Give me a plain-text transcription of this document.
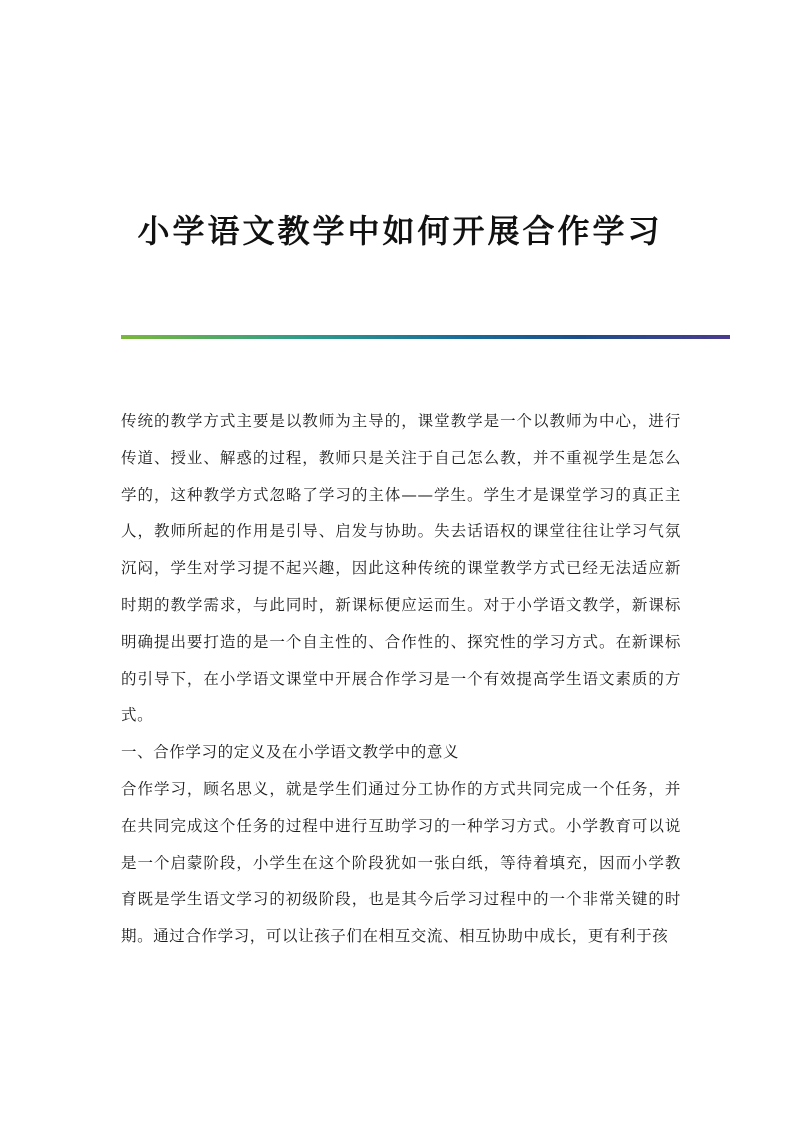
小学语文教学中如何开展合作学习

传统的教学方式主要是以教师为主导的，课堂教学是一个以教师为中心，进行传道、授业、解惑的过程，教师只是关注于自己怎么教，并不重视学生是怎么学的，这种教学方式忽略了学习的主体——学生。学生才是课堂学习的真正主人，教师所起的作用是引导、启发与协助。失去话语权的课堂往往让学习气氛沉闷，学生对学习提不起兴趣，因此这种传统的课堂教学方式已经无法适应新时期的教学需求，与此同时，新课标便应运而生。对于小学语文教学，新课标明确提出要打造的是一个自主性的、合作性的、探究性的学习方式。在新课标的引导下，在小学语文课堂中开展合作学习是一个有效提高学生语文素质的方式。

一、合作学习的定义及在小学语文教学中的意义

合作学习，顾名思义，就是学生们通过分工协作的方式共同完成一个任务，并在共同完成这个任务的过程中进行互助学习的一种学习方式。小学教育可以说是一个启蒙阶段，小学生在这个阶段犹如一张白纸，等待着填充，因而小学教育既是学生语文学习的初级阶段，也是其今后学习过程中的一个非常关键的时期。通过合作学习，可以让孩子们在相互交流、相互协助中成长，更有利于孩
